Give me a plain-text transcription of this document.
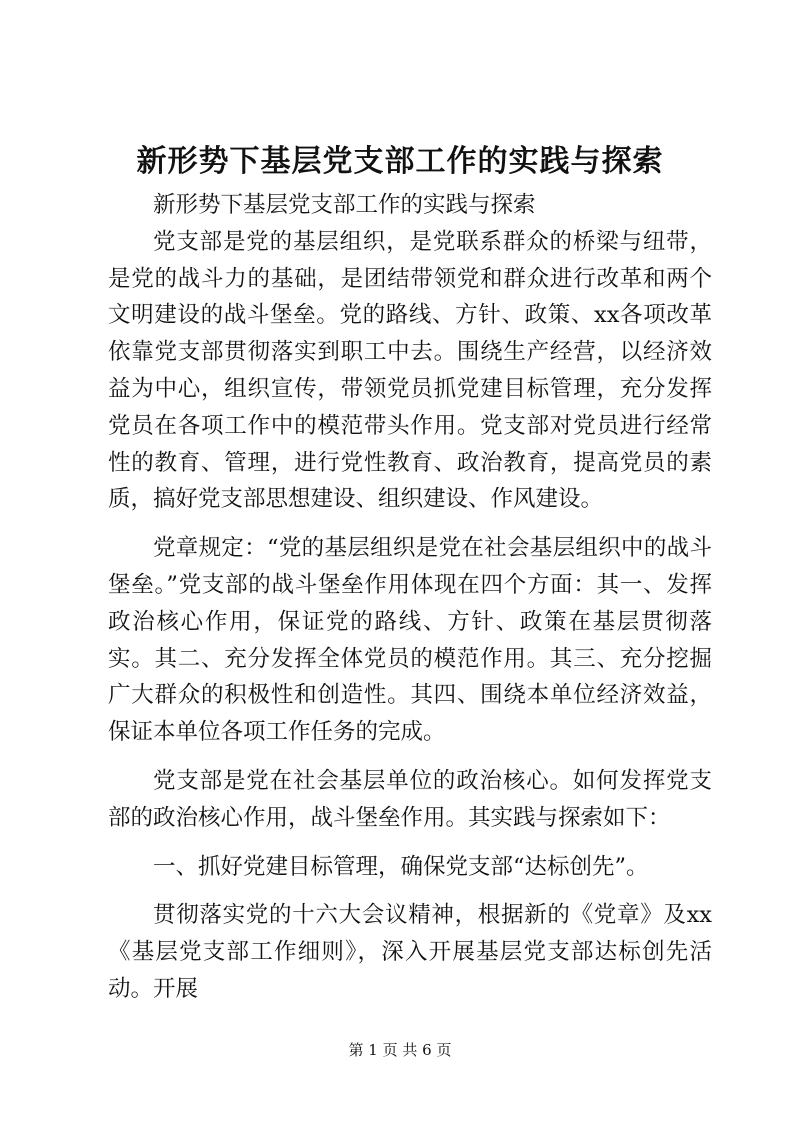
新形势下基层党支部工作的实践与探索

新形势下基层党支部工作的实践与探索

党支部是党的基层组织，是党联系群众的桥梁与纽带，是党的战斗力的基础，是团结带领党和群众进行改革和两个文明建设的战斗堡垒。党的路线、方针、政策、xx各项改革依靠党支部贯彻落实到职工中去。围绕生产经营，以经济效益为中心，组织宣传，带领党员抓党建目标管理，充分发挥党员在各项工作中的模范带头作用。党支部对党员进行经常性的教育、管理，进行党性教育、政治教育，提高党员的素质，搞好党支部思想建设、组织建设、作风建设。

党章规定：“党的基层组织是党在社会基层组织中的战斗堡垒。”党支部的战斗堡垒作用体现在四个方面：其一、发挥政治核心作用，保证党的路线、方针、政策在基层贯彻落实。其二、充分发挥全体党员的模范作用。其三、充分挖掘广大群众的积极性和创造性。其四、围绕本单位经济效益，保证本单位各项工作任务的完成。

党支部是党在社会基层单位的政治核心。如何发挥党支部的政治核心作用，战斗堡垒作用。其实践与探索如下：

一、抓好党建目标管理，确保党支部“达标创先”。

贯彻落实党的十六大会议精神，根据新的《党章》及xx《基层党支部工作细则》，深入开展基层党支部达标创先活动。开展

第 1 页 共 6 页
